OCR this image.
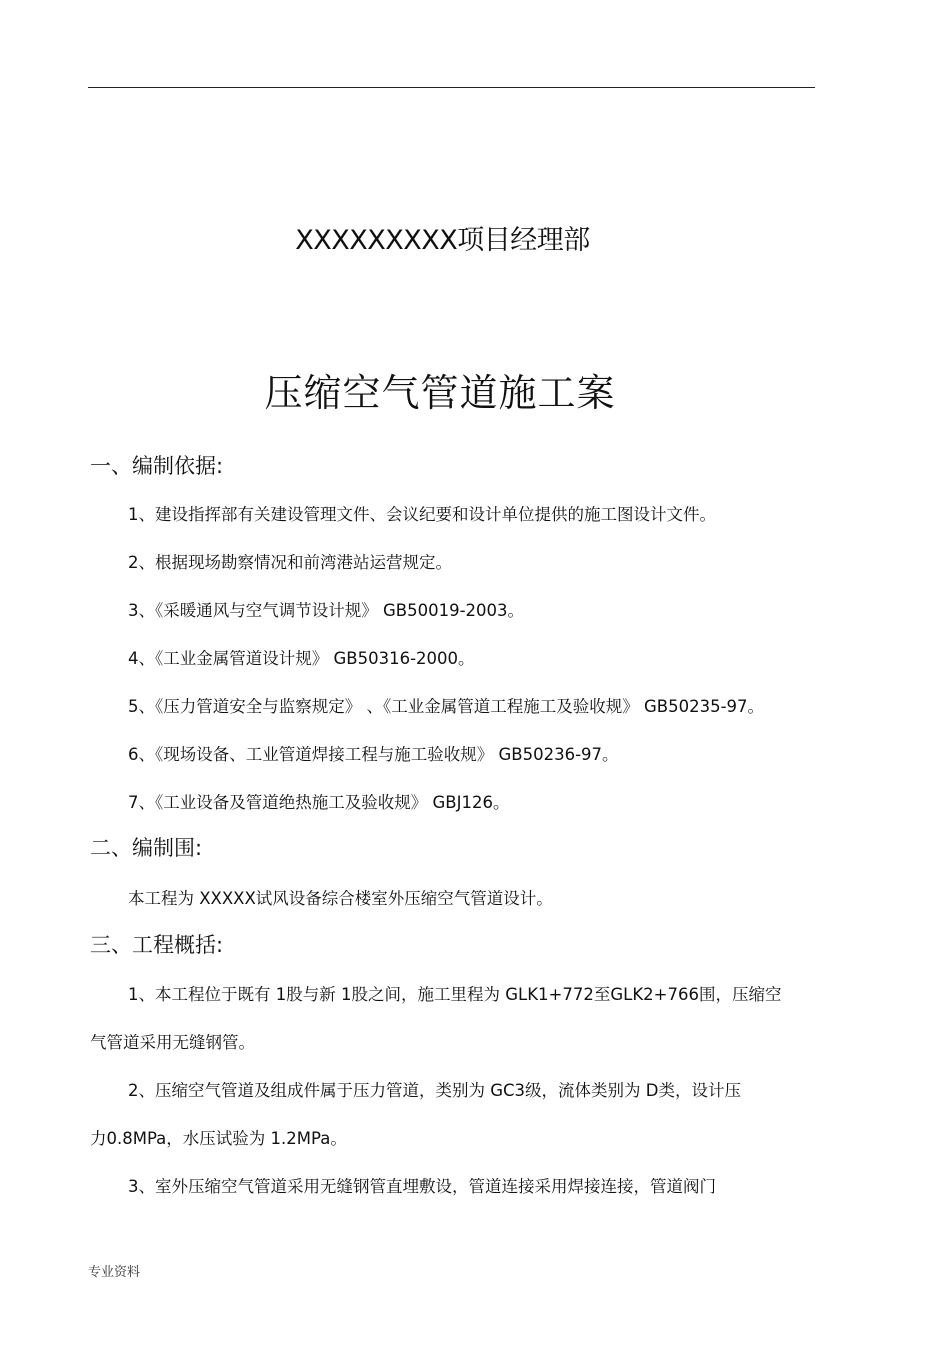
XXXXXXXXX项目经理部
压缩空气管道施工案
一、编制依据:
1、建设指挥部有关建设管理文件、会议纪要和设计单位提供的施工图设计文件。
2、根据现场勘察情况和前湾港站运营规定。
3、《采暖通风与空气调节设计规》 GB50019-2003。
4、《工业金属管道设计规》 GB50316-2000。
5、《压力管道安全与监察规定》 、《工业金属管道工程施工及验收规》 GB50235-97。
6、《现场设备、工业管道焊接工程与施工验收规》 GB50236-97。
7、《工业设备及管道绝热施工及验收规》 GBJ126。
二、编制围:
本工程为 XXXXX试风设备综合楼室外压缩空气管道设计。
三、工程概括:
1、本工程位于既有 1股与新 1股之间，施工里程为 GLK1+772至GLK2+766围，压缩空
气管道采用无缝钢管。
2、压缩空气管道及组成件属于压力管道，类别为 GC3级，流体类别为 D类，设计压
力0.8MPa，水压试验为 1.2MPa。
3、室外压缩空气管道采用无缝钢管直埋敷设，管道连接采用焊接连接，管道阀门
专业资料
